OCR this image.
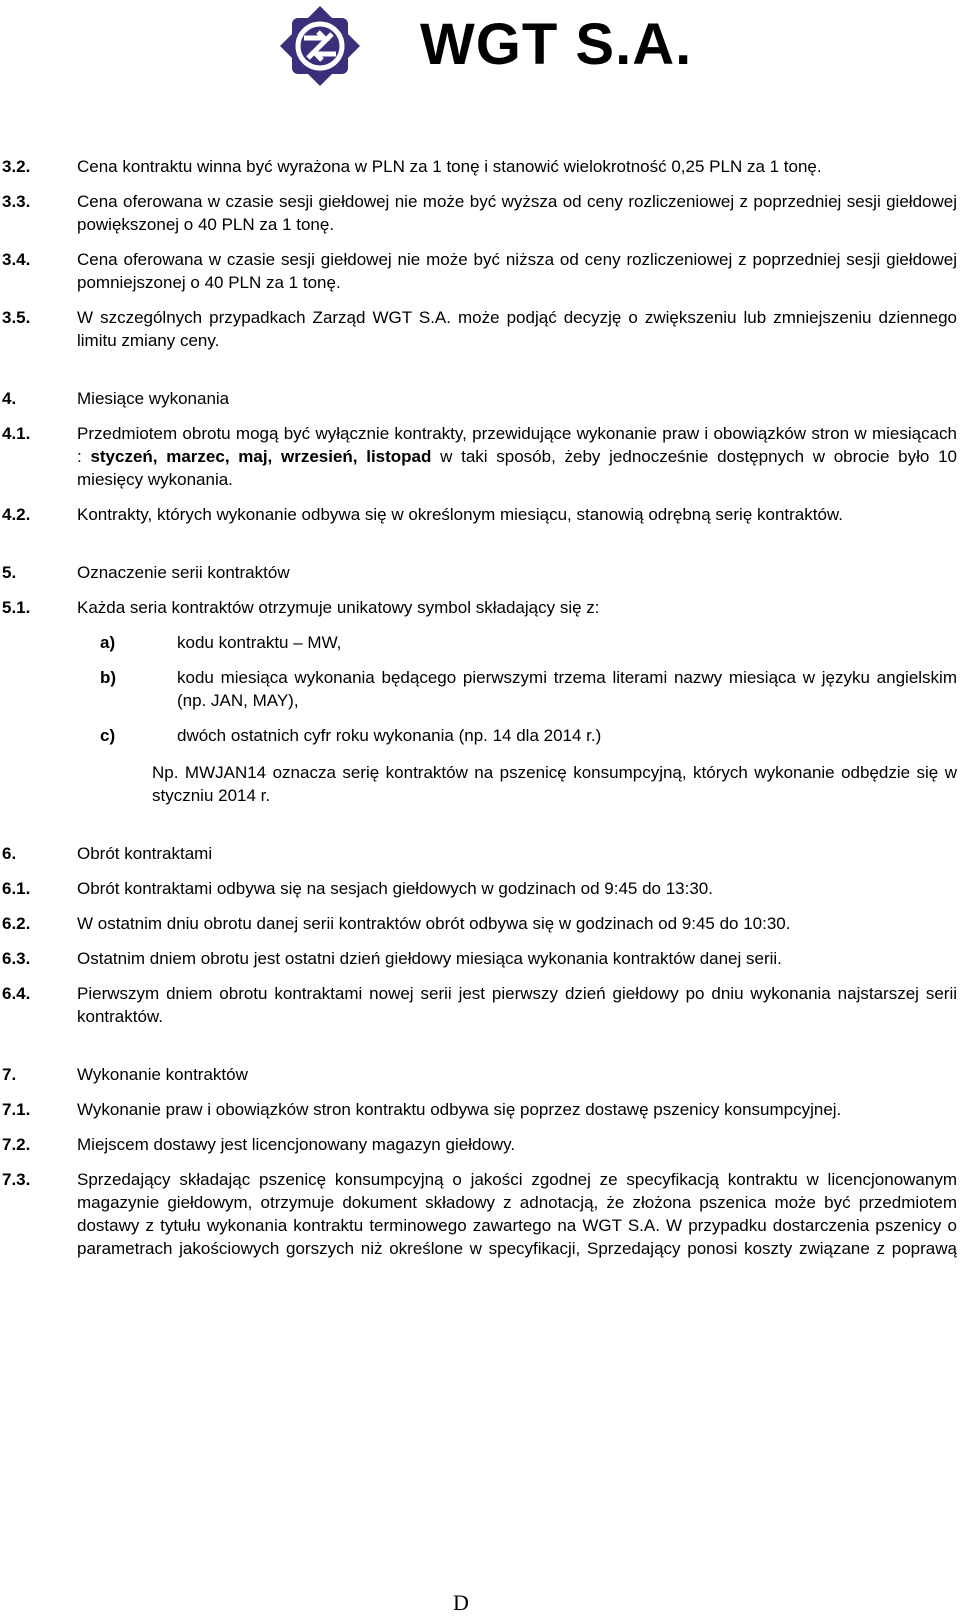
WGT S.A.
3.2.	Cena kontraktu winna być wyrażona w PLN za 1 tonę i stanowić wielokrotność 0,25 PLN za 1 tonę.
3.3.	Cena oferowana w czasie sesji giełdowej nie może być wyższa od ceny rozliczeniowej z poprzedniej sesji giełdowej powiększonej o 40 PLN za 1 tonę.
3.4.	Cena oferowana w czasie sesji giełdowej nie może być niższa od ceny rozliczeniowej z poprzedniej sesji giełdowej pomniejszonej o 40 PLN za 1 tonę.
3.5.	W szczególnych przypadkach Zarząd WGT S.A. może podjąć decyzję o zwiększeniu lub zmniejszeniu dziennego limitu zmiany ceny.
4.	Miesiące wykonania
4.1.	Przedmiotem obrotu mogą być wyłącznie kontrakty, przewidujące wykonanie praw i obowiązków stron w miesiącach : styczeń, marzec, maj, wrzesień, listopad w taki sposób, żeby jednocześnie dostępnych w obrocie było 10 miesięcy wykonania.
4.2.	Kontrakty, których wykonanie odbywa się w określonym miesiącu, stanowią odrębną serię kontraktów.
5.	Oznaczenie serii kontraktów
5.1.	Każda seria kontraktów otrzymuje unikatowy symbol składający się z:
a)	kodu kontraktu – MW,
b)	kodu miesiąca wykonania będącego pierwszymi trzema literami nazwy miesiąca w języku angielskim (np. JAN, MAY),
c)	dwóch ostatnich cyfr roku wykonania (np. 14 dla 2014 r.)
Np. MWJAN14 oznacza serię kontraktów na pszenicę konsumpcyjną, których wykonanie odbędzie się w styczniu 2014 r.
6.	Obrót kontraktami
6.1.	Obrót kontraktami odbywa się na sesjach giełdowych w godzinach od 9:45 do 13:30.
6.2.	W ostatnim dniu obrotu danej serii kontraktów obrót odbywa się w godzinach od 9:45 do 10:30.
6.3.	Ostatnim dniem obrotu jest ostatni dzień giełdowy miesiąca wykonania kontraktów danej serii.
6.4.	Pierwszym dniem obrotu kontraktami nowej serii jest pierwszy dzień giełdowy po dniu wykonania najstarszej serii kontraktów.
7.	Wykonanie kontraktów
7.1.	Wykonanie praw i obowiązków stron kontraktu odbywa się poprzez dostawę pszenicy konsumpcyjnej.
7.2.	Miejscem dostawy jest licencjonowany magazyn giełdowy.
7.3.	Sprzedający składając pszenicę konsumpcyjną o jakości zgodnej ze specyfikacją kontraktu w licencjonowanym magazynie giełdowym, otrzymuje dokument składowy z adnotacją, że złożona pszenica może być przedmiotem dostawy z tytułu wykonania kontraktu terminowego zawartego na WGT S.A. W przypadku dostarczenia pszenicy o parametrach jakościowych gorszych niż określone w specyfikacji, Sprzedający ponosi koszty związane z poprawą
D
